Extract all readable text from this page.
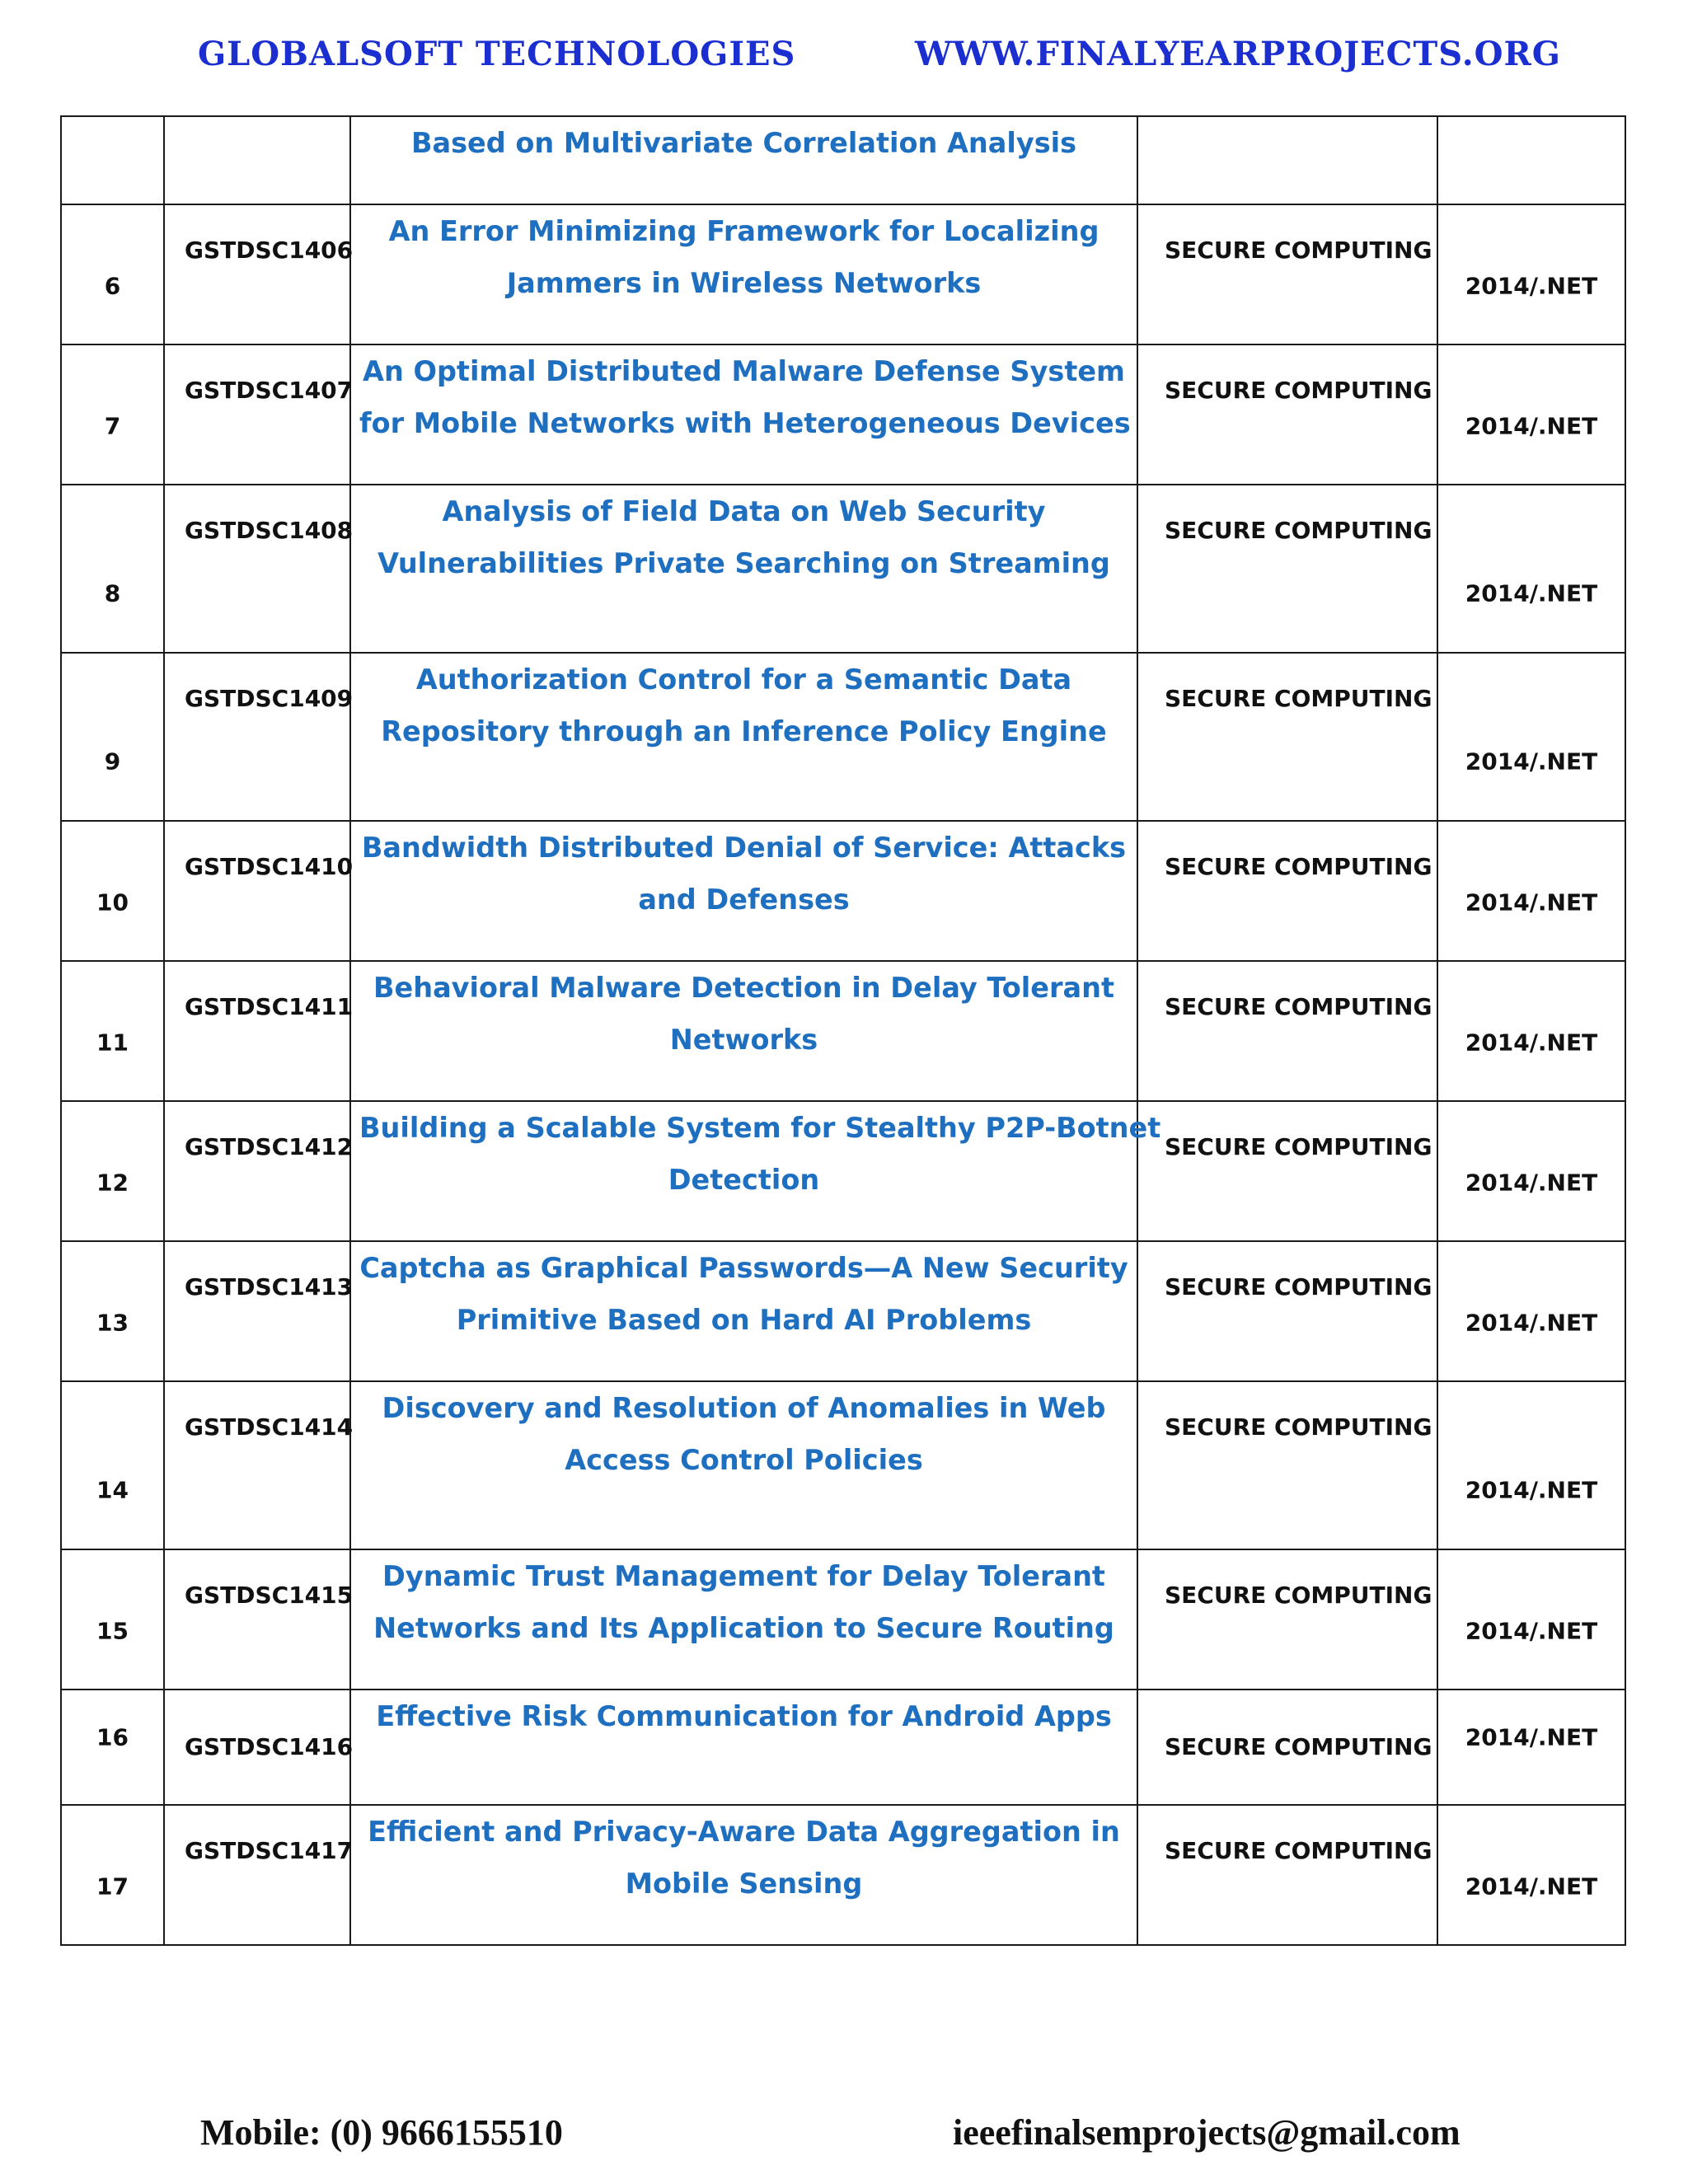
GLOBALSOFT TECHNOLOGIES	WWW.FINALYEARPROJECTS.ORG

		Based on Multivariate Correlation Analysis		

6	GSTDSC1406	An Error Minimizing Framework for Localizing
Jammers in Wireless Networks	SECURE COMPUTING	2014/.NET

7	GSTDSC1407	An Optimal Distributed Malware Defense System
for Mobile Networks with Heterogeneous Devices	SECURE COMPUTING	2014/.NET

8	GSTDSC1408	Analysis of Field Data on Web Security
Vulnerabilities Private Searching on Streaming	SECURE COMPUTING	2014/.NET

9	GSTDSC1409	Authorization Control for a Semantic Data
Repository through an Inference Policy Engine	SECURE COMPUTING	2014/.NET

10	GSTDSC1410	Bandwidth Distributed Denial of Service: Attacks
and Defenses	SECURE COMPUTING	2014/.NET

11	GSTDSC1411	Behavioral Malware Detection in Delay Tolerant
Networks	SECURE COMPUTING	2014/.NET

12	GSTDSC1412	Building a Scalable System for Stealthy P2P-Botnet
Detection	SECURE COMPUTING	2014/.NET

13	GSTDSC1413	Captcha as Graphical Passwords—A New Security
Primitive Based on Hard AI Problems	SECURE COMPUTING	2014/.NET

14	GSTDSC1414	Discovery and Resolution of Anomalies in Web
Access Control Policies	SECURE COMPUTING	2014/.NET

15	GSTDSC1415	Dynamic Trust Management for Delay Tolerant
Networks and Its Application to Secure Routing	SECURE COMPUTING	2014/.NET

16	GSTDSC1416	Effective Risk Communication for Android Apps	SECURE COMPUTING	2014/.NET

17	GSTDSC1417	Efficient and Privacy-Aware Data Aggregation in
Mobile Sensing	SECURE COMPUTING	2014/.NET
Mobile: (0) 9666155510	ieeefinalsemprojects@gmail.com
